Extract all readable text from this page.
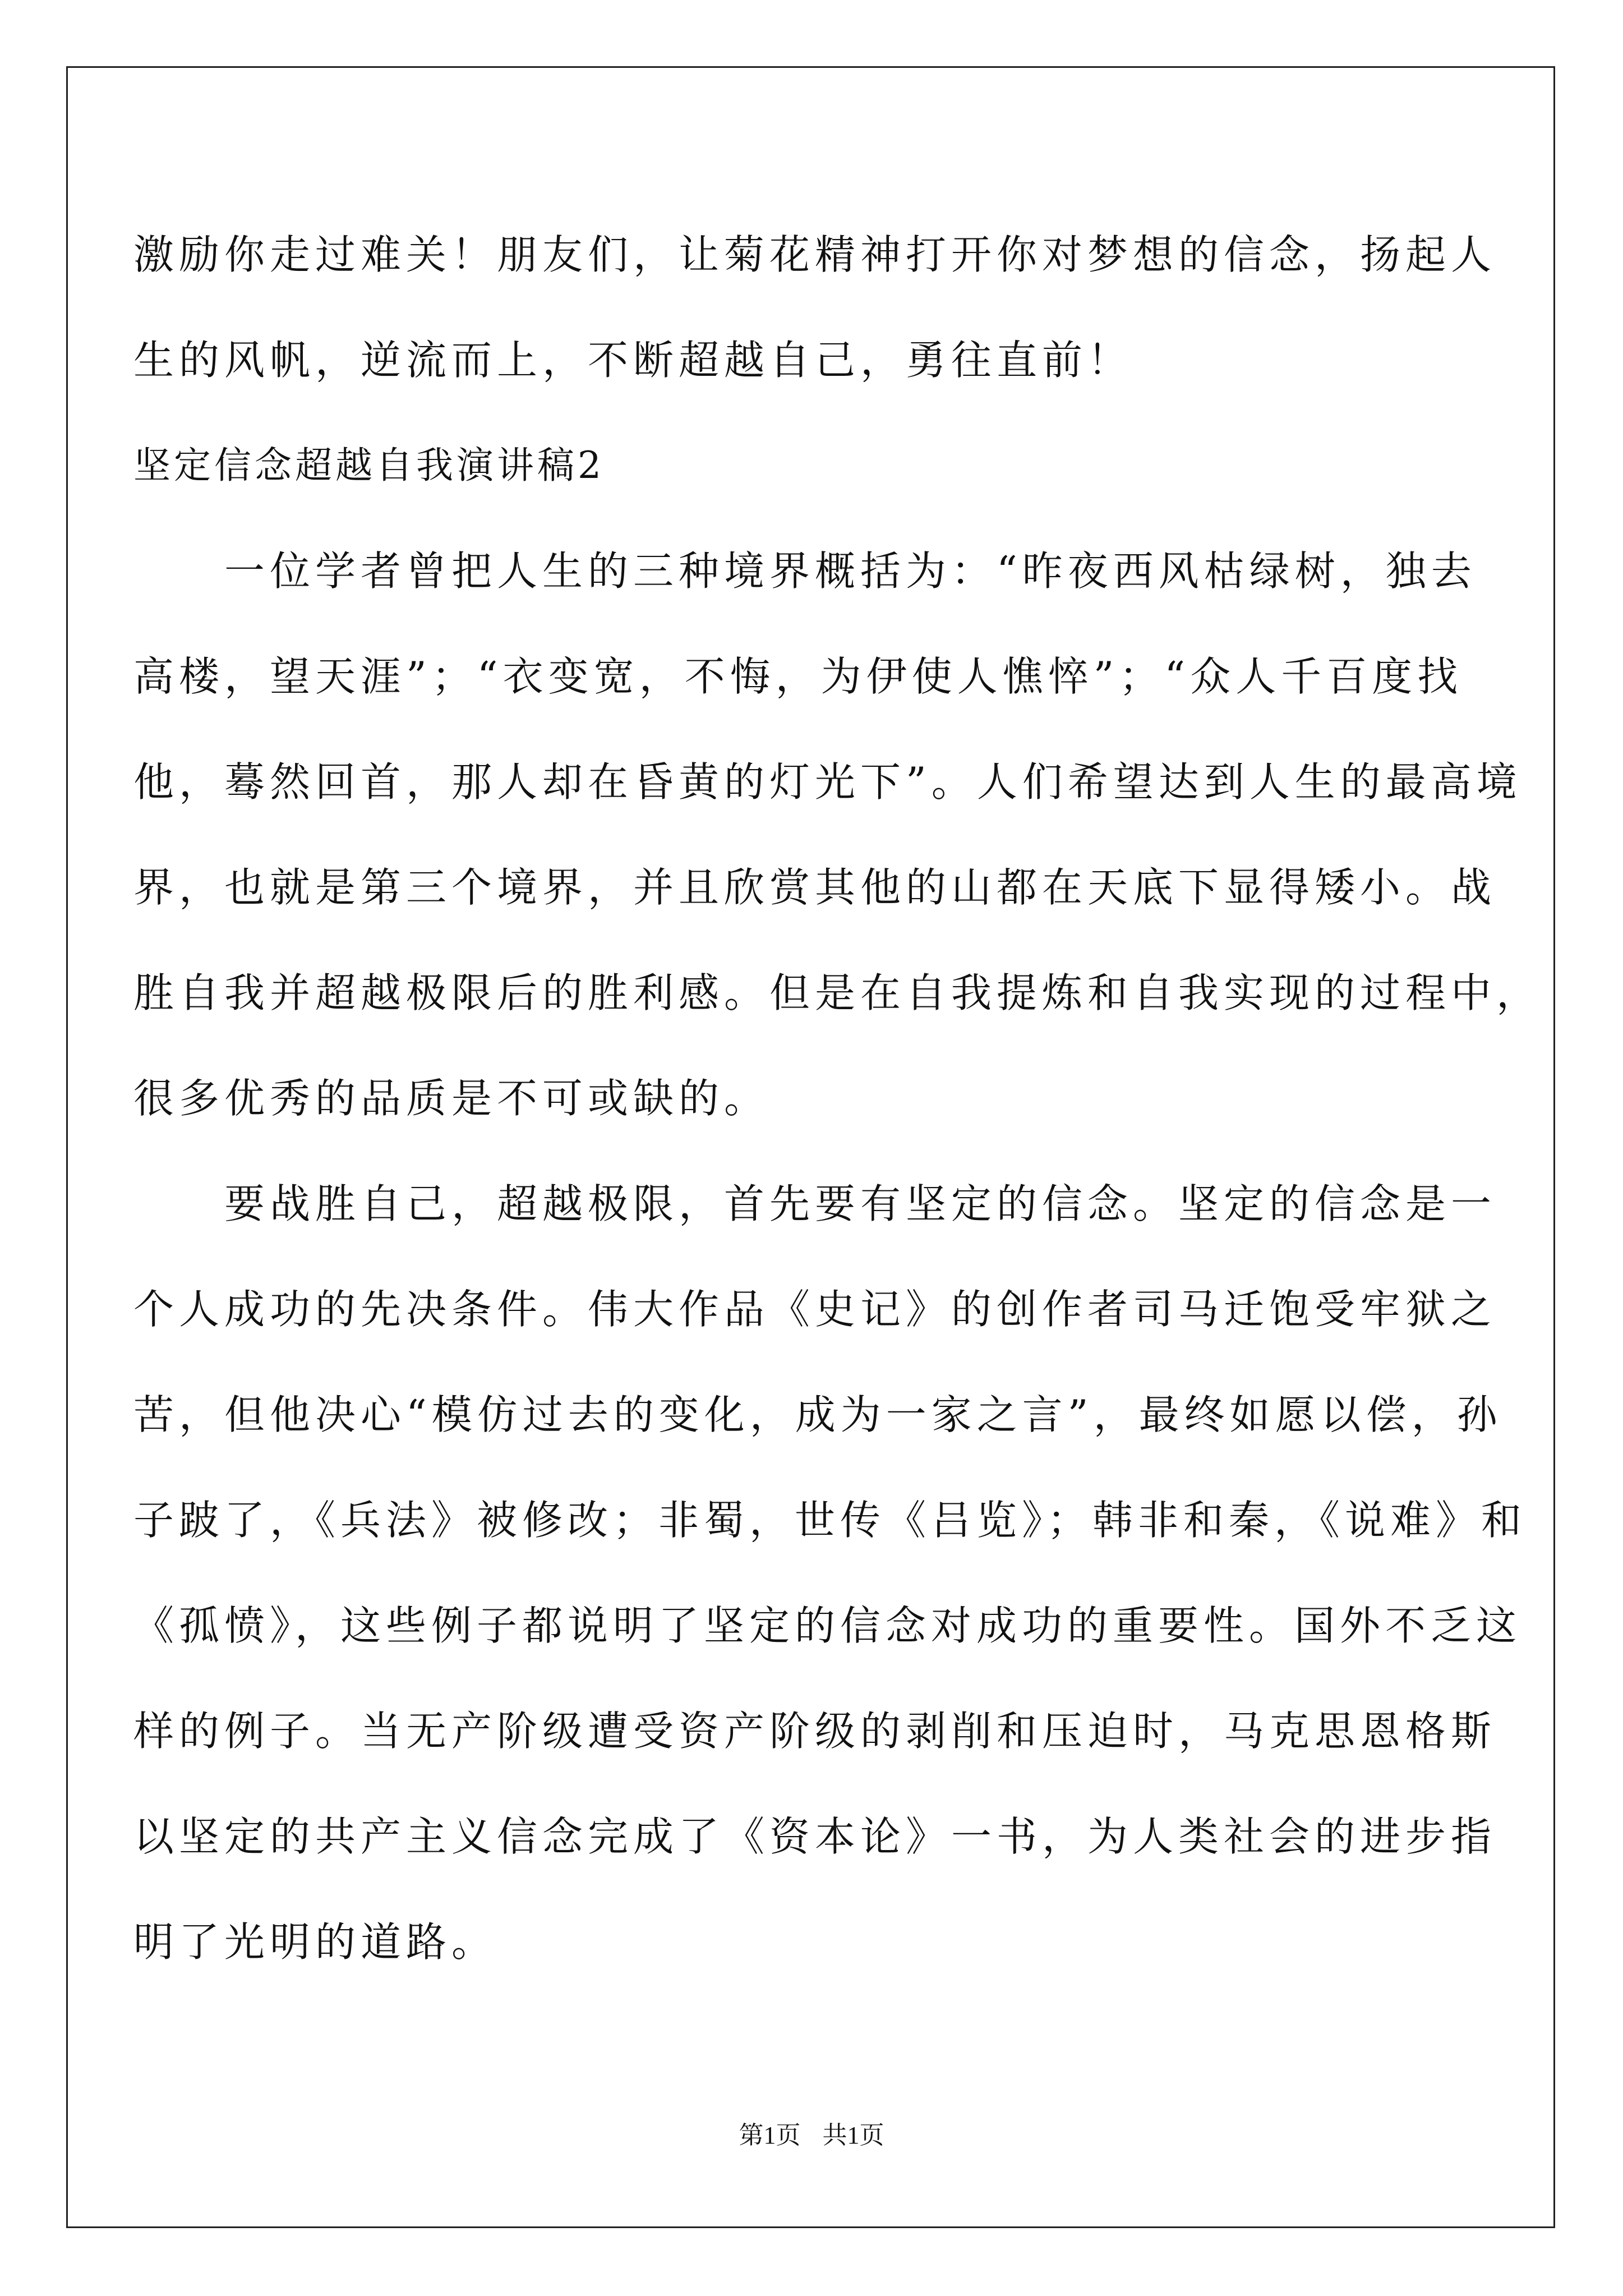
激励你走过难关！朋友们，让菊花精神打开你对梦想的信念，扬起人
生的风帆，逆流而上，不断超越自己，勇往直前！
坚定信念超越自我演讲稿2
　　一位学者曾把人生的三种境界概括为：“昨夜西风枯绿树，独去
高楼，望天涯”；“衣变宽，不悔，为伊使人憔悴”；“众人千百度找
他，蓦然回首，那人却在昏黄的灯光下”。人们希望达到人生的最高境
界，也就是第三个境界，并且欣赏其他的山都在天底下显得矮小。战
胜自我并超越极限后的胜利感。但是在自我提炼和自我实现的过程中，
很多优秀的品质是不可或缺的。
　　要战胜自己，超越极限，首先要有坚定的信念。坚定的信念是一
个人成功的先决条件。伟大作品《史记》的创作者司马迁饱受牢狱之
苦，但他决心“模仿过去的变化，成为一家之言”，最终如愿以偿，孙
子跛了，《兵法》被修改；非蜀，世传《吕览》；韩非和秦，《说难》和
《孤愤》，这些例子都说明了坚定的信念对成功的重要性。国外不乏这
样的例子。当无产阶级遭受资产阶级的剥削和压迫时，马克思恩格斯
以坚定的共产主义信念完成了《资本论》一书，为人类社会的进步指
明了光明的道路。
第1页 共1页
